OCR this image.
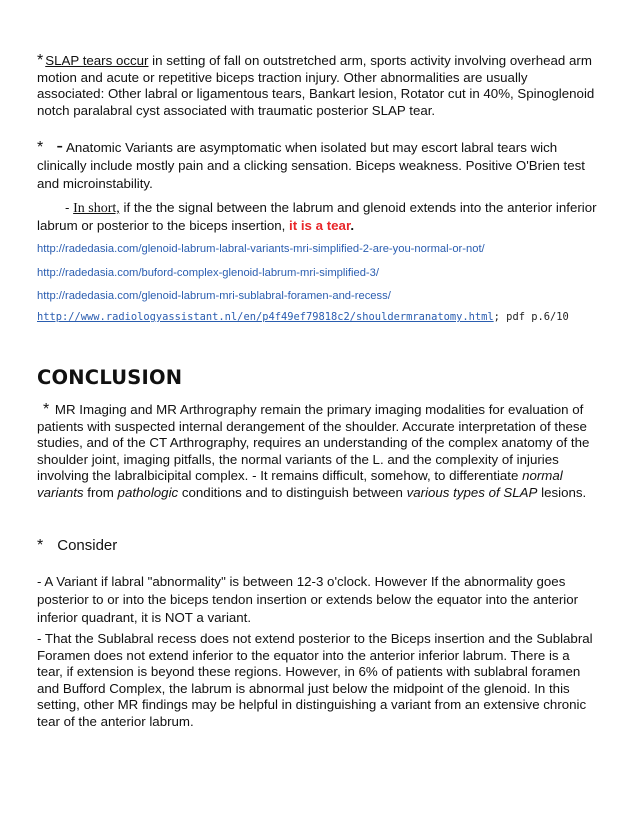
* SLAP tears occur in setting of fall on outstretched arm, sports activity involving overhead arm motion and acute or repetitive biceps traction injury. Other abnormalities are usually associated: Other labral or ligamentous tears, Bankart lesion, Rotator cut in 40%, Spinoglenoid notch paralabral cyst associated with traumatic posterior SLAP tear.

* - Anatomic Variants are asymptomatic when isolated but may escort labral tears wich clinically include mostly pain and a clicking sensation. Biceps weakness. Positive O'Brien test and microinstability.

- In short, if the the signal between the labrum and glenoid extends into the anterior inferior labrum or posterior to the biceps insertion, it is a tear.

http://radedasia.com/glenoid-labrum-labral-variants-mri-simplified-2-are-you-normal-or-not/
http://radedasia.com/buford-complex-glenoid-labrum-mri-simplified-3/
http://radedasia.com/glenoid-labrum-mri-sublabral-foramen-and-recess/
http://www.radiologyassistant.nl/en/p4f49ef79818c2/shouldermranatomy.html; pdf p.6/10
CONCLUSION

* MR Imaging and MR Arthrography remain the primary imaging modalities for evaluation of patients with suspected internal derangement of the shoulder. Accurate interpretation of these studies, and of the CT Arthrography, requires an understanding of the complex anatomy of the shoulder joint, imaging pitfalls, the normal variants of the L. and the complexity of injuries involving the labralbicipital complex. - It remains difficult, somehow, to differentiate normal variants from pathologic conditions and to distinguish between various types of SLAP lesions.

* Consider

- A Variant if labral "abnormality" is between 12-3 o'clock. However If the abnormality goes posterior to or into the biceps tendon insertion or extends below the equator into the anterior inferior quadrant, it is NOT a variant.

- That the Sublabral recess does not extend posterior to the Biceps insertion and the Sublabral Foramen does not extend inferior to the equator into the anterior inferior labrum. There is a tear, if extension is beyond these regions. However, in 6% of patients with sublabral foramen and Bufford Complex, the labrum is abnormal just below the midpoint of the glenoid. In this setting, other MR findings may be helpful in distinguishing a variant from an extensive chronic tear of the anterior labrum.
